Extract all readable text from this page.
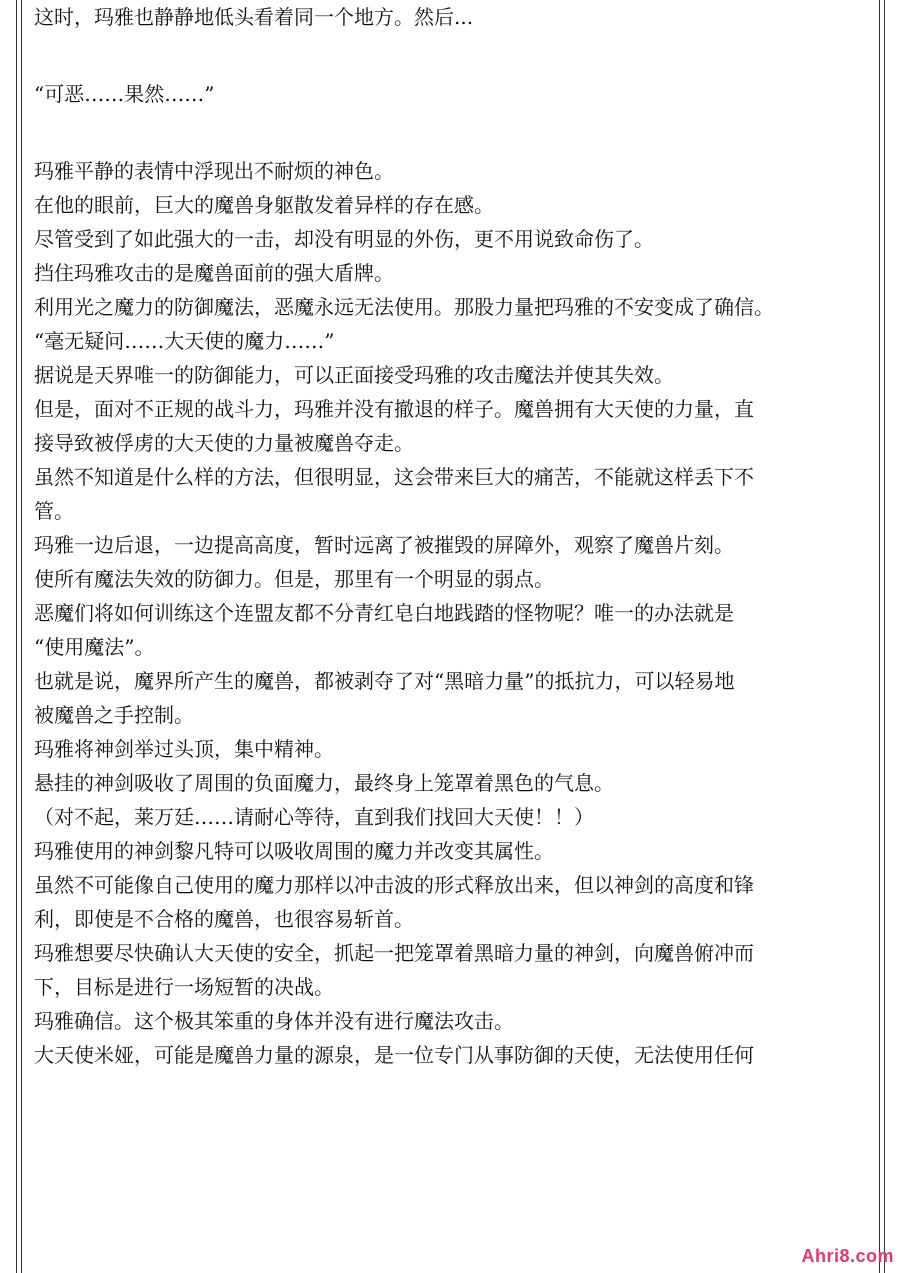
这时，玛雅也静静地低头看着同一个地方。然后...

“可恶……果然……”

玛雅平静的表情中浮现出不耐烦的神色。

在他的眼前，巨大的魔兽身躯散发着异样的存在感。

尽管受到了如此强大的一击，却没有明显的外伤，更不用说致命伤了。

挡住玛雅攻击的是魔兽面前的强大盾牌。

利用光之魔力的防御魔法，恶魔永远无法使用。那股力量把玛雅的不安变成了确信。

“毫无疑问……大天使的魔力……”

据说是天界唯一的防御能力，可以正面接受玛雅的攻击魔法并使其失效。

但是，面对不正规的战斗力，玛雅并没有撤退的样子。魔兽拥有大天使的力量，直

接导致被俘虏的大天使的力量被魔兽夺走。

虽然不知道是什么样的方法，但很明显，这会带来巨大的痛苦，不能就这样丢下不

管。

玛雅一边后退，一边提高高度，暂时远离了被摧毁的屏障外，观察了魔兽片刻。

使所有魔法失效的防御力。但是，那里有一个明显的弱点。

恶魔们将如何训练这个连盟友都不分青红皂白地践踏的怪物呢？唯一的办法就是

“使用魔法”。

也就是说，魔界所产生的魔兽，都被剥夺了对“黑暗力量”的抵抗力，可以轻易地

被魔兽之手控制。

玛雅将神剑举过头顶，集中精神。

悬挂的神剑吸收了周围的负面魔力，最终身上笼罩着黑色的气息。

（对不起，莱万廷……请耐心等待，直到我们找回大天使！！）

玛雅使用的神剑黎凡特可以吸收周围的魔力并改变其属性。

虽然不可能像自己使用的魔力那样以冲击波的形式释放出来，但以神剑的高度和锋

利，即使是不合格的魔兽，也很容易斩首。

玛雅想要尽快确认大天使的安全，抓起一把笼罩着黑暗力量的神剑，向魔兽俯冲而

下，目标是进行一场短暂的决战。

玛雅确信。这个极其笨重的身体并没有进行魔法攻击。

大天使米娅，可能是魔兽力量的源泉，是一位专门从事防御的天使，无法使用任何

Ahri8.com
